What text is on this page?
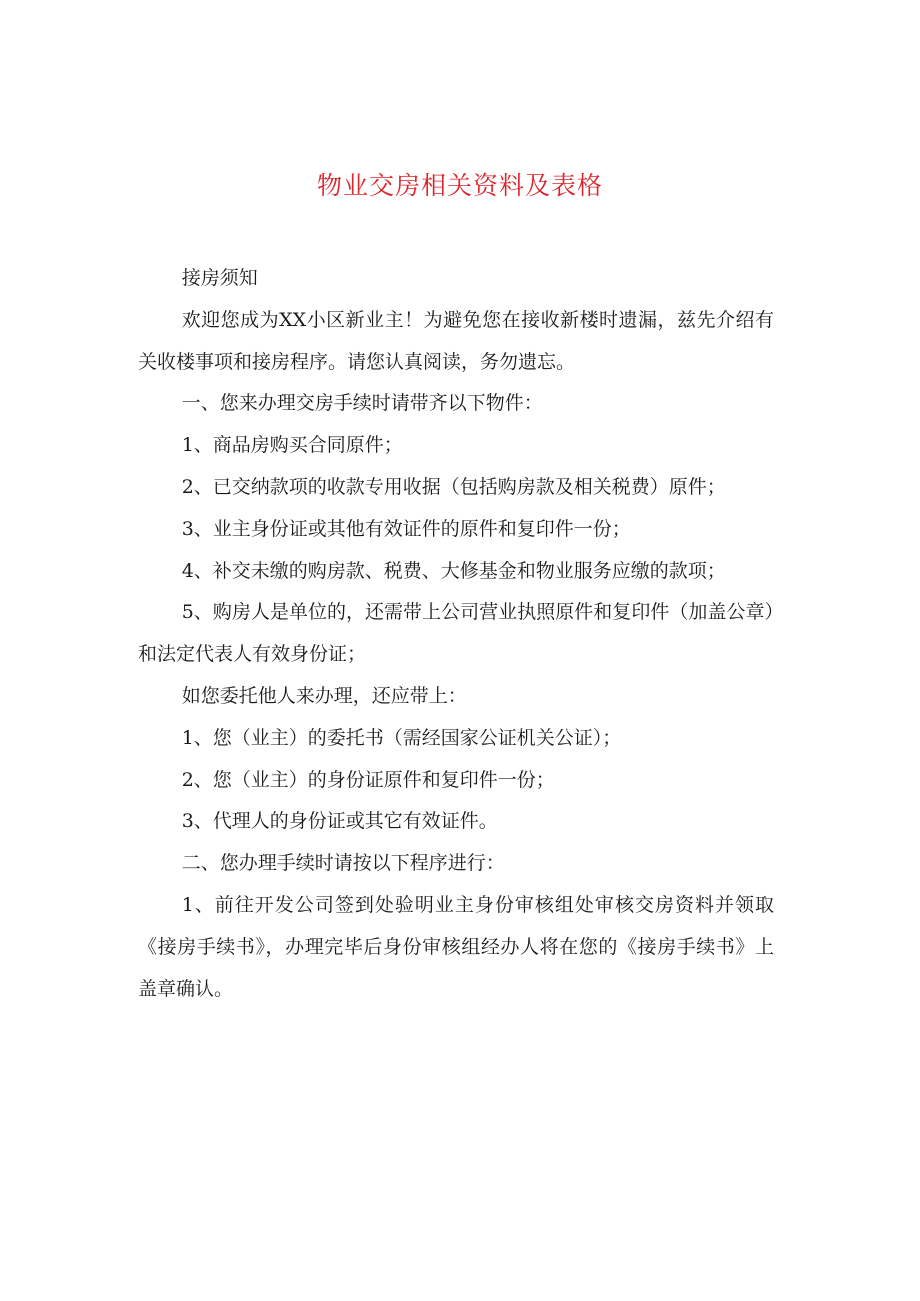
物业交房相关资料及表格

接房须知

欢迎您成为XX小区新业主！为避免您在接收新楼时遗漏，兹先介绍有关收楼事项和接房程序。请您认真阅读，务勿遗忘。

一、您来办理交房手续时请带齐以下物件：

1、商品房购买合同原件；

2、已交纳款项的收款专用收据（包括购房款及相关税费）原件；

3、业主身份证或其他有效证件的原件和复印件一份；

4、补交未缴的购房款、税费、大修基金和物业服务应缴的款项；

5、购房人是单位的，还需带上公司营业执照原件和复印件（加盖公章）和法定代表人有效身份证；

如您委托他人来办理，还应带上：

1、您（业主）的委托书（需经国家公证机关公证）；

2、您（业主）的身份证原件和复印件一份；

3、代理人的身份证或其它有效证件。

二、您办理手续时请按以下程序进行：

1、前往开发公司签到处验明业主身份审核组处审核交房资料并领取《接房手续书》，办理完毕后身份审核组经办人将在您的《接房手续书》上盖章确认。
